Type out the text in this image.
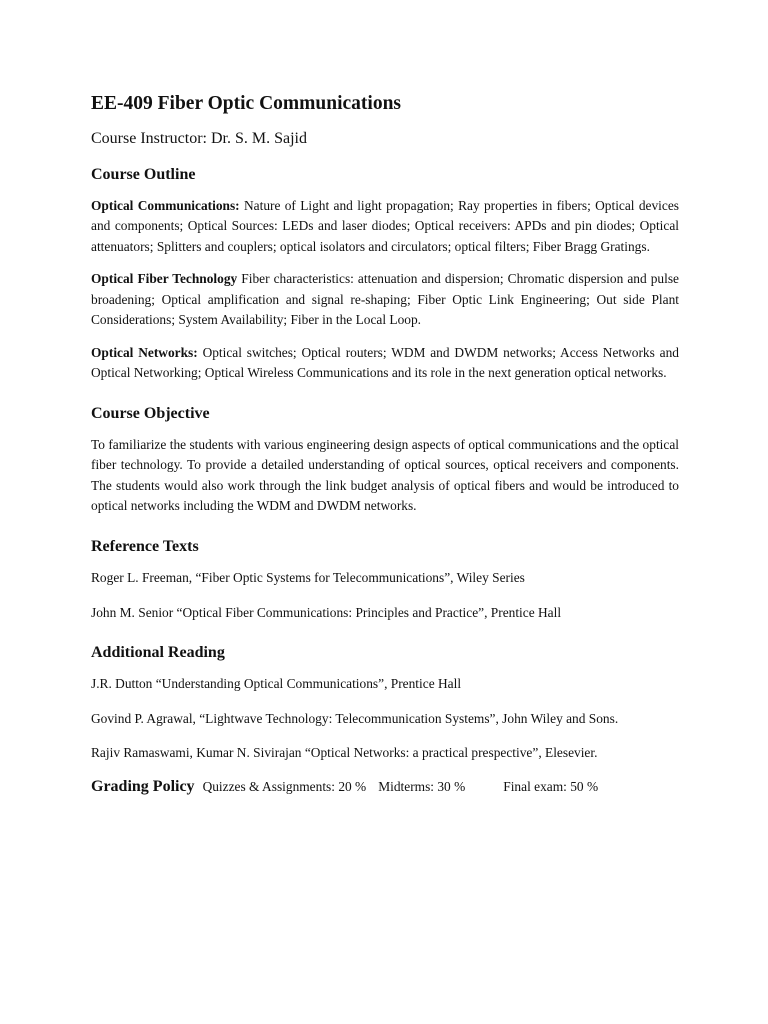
EE-409 Fiber Optic Communications

Course Instructor: Dr. S. M. Sajid

Course Outline

Optical Communications: Nature of Light and light propagation; Ray properties in fibers; Optical devices and components; Optical Sources: LEDs and laser diodes; Optical receivers: APDs and pin diodes; Optical attenuators; Splitters and couplers; optical isolators and circulators; optical filters; Fiber Bragg Gratings.

Optical Fiber Technology Fiber characteristics: attenuation and dispersion; Chromatic dispersion and pulse broadening; Optical amplification and signal re-shaping; Fiber Optic Link Engineering; Out side Plant Considerations; System Availability; Fiber in the Local Loop.

Optical Networks: Optical switches; Optical routers; WDM and DWDM networks; Access Networks and Optical Networking; Optical Wireless Communications and its role in the next generation optical networks.

Course Objective

To familiarize the students with various engineering design aspects of optical communications and the optical fiber technology. To provide a detailed understanding of optical sources, optical receivers and components. The students would also work through the link budget analysis of optical fibers and would be introduced to optical networks including the WDM and DWDM networks.

Reference Texts

Roger L. Freeman, “Fiber Optic Systems for Telecommunications”, Wiley Series

John M. Senior “Optical Fiber Communications: Principles and Practice”, Prentice Hall

Additional Reading

J.R. Dutton “Understanding Optical Communications”, Prentice Hall

Govind P. Agrawal, “Lightwave Technology: Telecommunication Systems”, John Wiley and Sons.

Rajiv Ramaswami, Kumar N. Sivirajan “Optical Networks: a practical prespective”, Elesevier.

Grading Policy Quizzes & Assignments: 20 % Midterms: 30 %	Final exam: 50 %
